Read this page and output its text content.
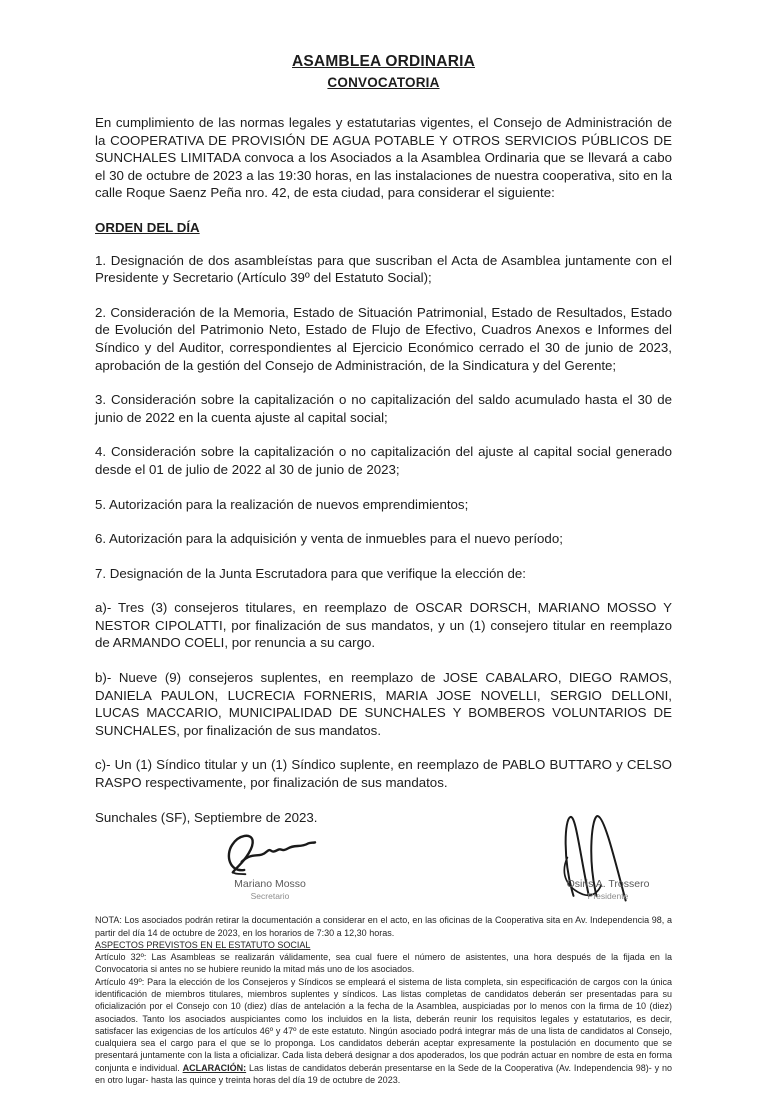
ASAMBLEA ORDINARIA
CONVOCATORIA

En cumplimiento de las normas legales y estatutarias vigentes, el Consejo de Administración de la COOPERATIVA DE PROVISIÓN DE AGUA POTABLE Y OTROS SERVICIOS PÚBLICOS DE SUNCHALES LIMITADA convoca a los Asociados a la Asamblea Ordinaria que se llevará a cabo el 30 de octubre de 2023 a las 19:30 horas, en las instalaciones de nuestra cooperativa, sito en la calle Roque Saenz Peña nro. 42, de esta ciudad, para considerar el siguiente:

ORDEN DEL DÍA

1. Designación de dos asambleístas para que suscriban el Acta de Asamblea juntamente con el Presidente y Secretario (Artículo 39º del Estatuto Social);

2. Consideración de la Memoria, Estado de Situación Patrimonial, Estado de Resultados, Estado de Evolución del Patrimonio Neto, Estado de Flujo de Efectivo, Cuadros Anexos e Informes del Síndico y del Auditor, correspondientes al Ejercicio Económico cerrado el 30 de junio de 2023, aprobación de la gestión del Consejo de Administración, de la Sindicatura y del Gerente;

3. Consideración sobre la capitalización o no capitalización del saldo acumulado hasta el 30 de junio de 2022 en la cuenta ajuste al capital social;

4. Consideración sobre la capitalización o no capitalización del ajuste al capital social generado desde el 01 de julio de 2022 al 30 de junio de 2023;

5. Autorización para la realización de nuevos emprendimientos;

6. Autorización para la adquisición y venta de inmuebles para el nuevo período;

7. Designación de la Junta Escrutadora para que verifique la elección de:

a)- Tres (3) consejeros titulares, en reemplazo de OSCAR DORSCH, MARIANO MOSSO Y NESTOR CIPOLATTI, por finalización de sus mandatos, y un (1) consejero titular en reemplazo de ARMANDO COELI, por renuncia a su cargo.

b)- Nueve (9) consejeros suplentes, en reemplazo de JOSE CABALARO, DIEGO RAMOS, DANIELA PAULON, LUCRECIA FORNERIS, MARIA JOSE NOVELLI, SERGIO DELLONI, LUCAS MACCARIO, MUNICIPALIDAD DE SUNCHALES Y BOMBEROS VOLUNTARIOS DE SUNCHALES, por finalización de sus mandatos.

c)- Un (1) Síndico titular y un (1) Síndico suplente, en reemplazo de PABLO BUTTARO y CELSO RASPO respectivamente, por finalización de sus mandatos.

Sunchales (SF), Septiembre de 2023.

Mariano Mosso
Secretario
Osiris A. Trossero
Presidente

NOTA: Los asociados podrán retirar la documentación a considerar en el acto, en las oficinas de la Cooperativa sita en Av. Independencia 98, a partir del día 14 de octubre de 2023, en los horarios de 7:30 a 12,30 horas.

ASPECTOS PREVISTOS EN EL ESTATUTO SOCIAL

Artículo 32º: Las Asambleas se realizarán válidamente, sea cual fuere el número de asistentes, una hora después de la fijada en la Convocatoria si antes no se hubiere reunido la mitad más uno de los asociados.

Artículo 49º: Para la elección de los Consejeros y Síndicos se empleará el sistema de lista completa, sin especificación de cargos con la única identificación de miembros titulares, miembros suplentes y síndicos. Las listas completas de candidatos deberán ser presentadas para su oficialización por el Consejo con 10 (diez) días de antelación a la fecha de la Asamblea, auspiciadas por lo menos con la firma de 10 (diez) asociados. Tanto los asociados auspiciantes como los incluidos en la lista, deberán reunir los requisitos legales y estatutarios, es decir, satisfacer las exigencias de los artículos 46º y 47º de este estatuto. Ningún asociado podrá integrar más de una lista de candidatos al Consejo, cualquiera sea el cargo para el que se lo proponga. Los candidatos deberán aceptar expresamente la postulación en documento que se presentará juntamente con la lista a oficializar. Cada lista deberá designar a dos apoderados, los que podrán actuar en nombre de esta en forma conjunta e individual. ACLARACIÓN: Las listas de candidatos deberán presentarse en la Sede de la Cooperativa (Av. Independencia 98)- y no en otro lugar- hasta las quince y treinta horas del día 19 de octubre de 2023.
